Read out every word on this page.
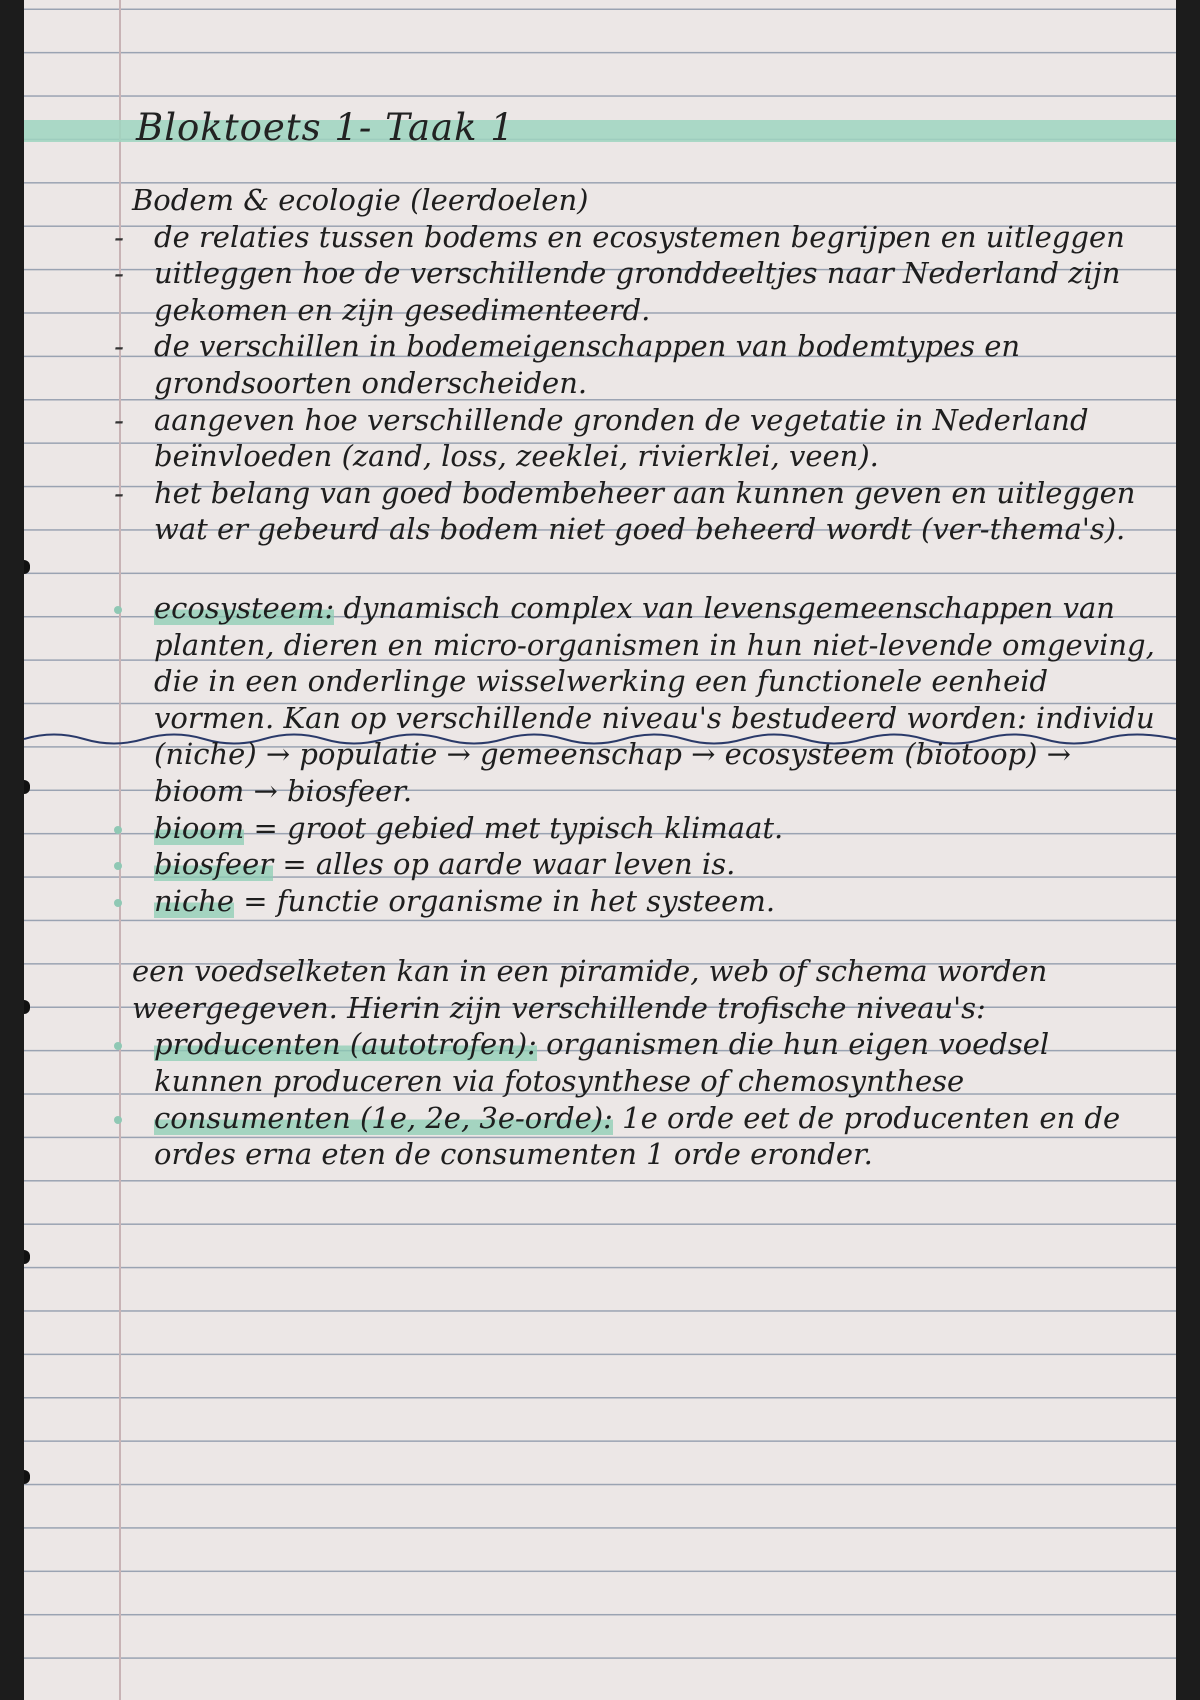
Bloktoets 1- Taak 1

Bodem & ecologie (leerdoelen)

- de relaties tussen bodems en ecosystemen begrijpen en uitleggen
- uitleggen hoe de verschillende gronddeeltjes naar Nederland zijn gekomen en zijn gesedimenteerd.
- de verschillen in bodemeigenschappen van bodemtypes en grondsoorten onderscheiden.
- aangeven hoe verschillende gronden de vegetatie in Nederland beïnvloeden (zand, loss, zeeklei, rivierklei, veen).
- het belang van goed bodembeheer aan kunnen geven en uitleggen wat er gebeurd als bodem niet goed beheerd wordt (ver-thema's).
ecosysteem: dynamisch complex van levensgemeenschappen van planten, dieren en micro-organismen in hun niet-levende omgeving, die in een onderlinge wisselwerking een functionele eenheid vormen. Kan op verschillende niveau's bestudeerd worden: individu (niche) → populatie → gemeenschap → ecosysteem (biotoop) → bioom → biosfeer.
bioom = groot gebied met typisch klimaat.
biosfeer = alles op aarde waar leven is.
niche = functie organisme in het systeem.

een voedselketen kan in een piramide, web of schema worden weergegeven. Hierin zijn verschillende trofische niveau's:

producenten (autotrofen): organismen die hun eigen voedsel kunnen produceren via fotosynthese of chemosynthese
consumenten (1e, 2e, 3e-orde): 1e orde eet de producenten en de ordes erna eten de consumenten 1 orde eronder.
